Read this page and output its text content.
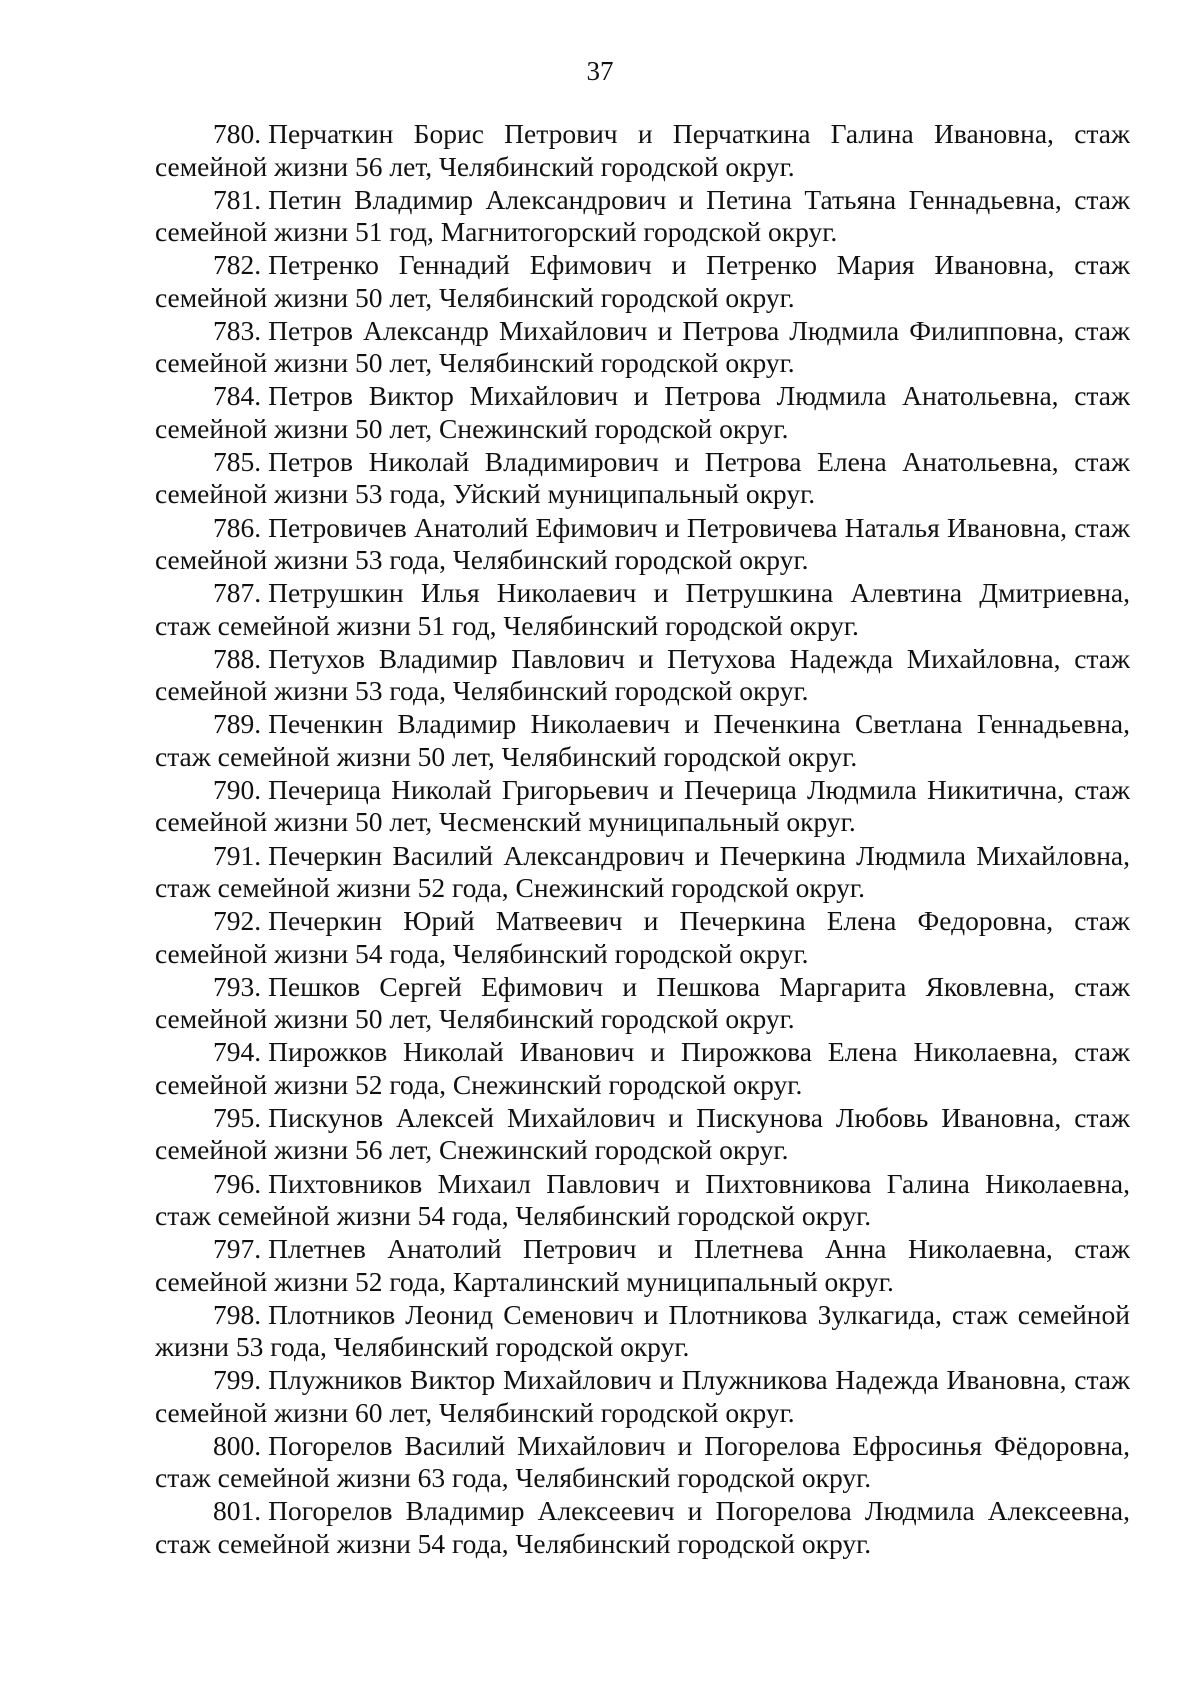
37

780. Перчаткин Борис Петрович и Перчаткина Галина Ивановна, стаж семейной жизни 56 лет, Челябинский городской округ.

781. Петин Владимир Александрович и Петина Татьяна Геннадьевна, стаж семейной жизни 51 год, Магнитогорский городской округ.

782. Петренко Геннадий Ефимович и Петренко Мария Ивановна, стаж семейной жизни 50 лет, Челябинский городской округ.

783. Петров Александр Михайлович и Петрова Людмила Филипповна, стаж семейной жизни 50 лет, Челябинский городской округ.

784. Петров Виктор Михайлович и Петрова Людмила Анатольевна, стаж семейной жизни 50 лет, Снежинский городской округ.

785. Петров Николай Владимирович и Петрова Елена Анатольевна, стаж семейной жизни 53 года, Уйский муниципальный округ.

786. Петровичев Анатолий Ефимович и Петровичева Наталья Ивановна, стаж семейной жизни 53 года, Челябинский городской округ.

787. Петрушкин Илья Николаевич и Петрушкина Алевтина Дмитриевна, стаж семейной жизни 51 год, Челябинский городской округ.

788. Петухов Владимир Павлович и Петухова Надежда Михайловна, стаж семейной жизни 53 года, Челябинский городской округ.

789. Печенкин Владимир Николаевич и Печенкина Светлана Геннадьевна, стаж семейной жизни 50 лет, Челябинский городской округ.

790. Печерица Николай Григорьевич и Печерица Людмила Никитична, стаж семейной жизни 50 лет, Чесменский муниципальный округ.

791. Печеркин Василий Александрович и Печеркина Людмила Михайловна, стаж семейной жизни 52 года, Снежинский городской округ.

792. Печеркин Юрий Матвеевич и Печеркина Елена Федоровна, стаж семейной жизни 54 года, Челябинский городской округ.

793. Пешков Сергей Ефимович и Пешкова Маргарита Яковлевна, стаж семейной жизни 50 лет, Челябинский городской округ.

794. Пирожков Николай Иванович и Пирожкова Елена Николаевна, стаж семейной жизни 52 года, Снежинский городской округ.

795. Пискунов Алексей Михайлович и Пискунова Любовь Ивановна, стаж семейной жизни 56 лет, Снежинский городской округ.

796. Пихтовников Михаил Павлович и Пихтовникова Галина Николаевна, стаж семейной жизни 54 года, Челябинский городской округ.

797. Плетнев Анатолий Петрович и Плетнева Анна Николаевна, стаж семейной жизни 52 года, Карталинский муниципальный округ.

798. Плотников Леонид Семенович и Плотникова Зулкагида, стаж семейной жизни 53 года, Челябинский городской округ.

799. Плужников Виктор Михайлович и Плужникова Надежда Ивановна, стаж семейной жизни 60 лет, Челябинский городской округ.

800. Погорелов Василий Михайлович и Погорелова Ефросинья Фёдоровна, стаж семейной жизни 63 года, Челябинский городской округ.

801. Погорелов Владимир Алексеевич и Погорелова Людмила Алексеевна, стаж семейной жизни 54 года, Челябинский городской округ.
